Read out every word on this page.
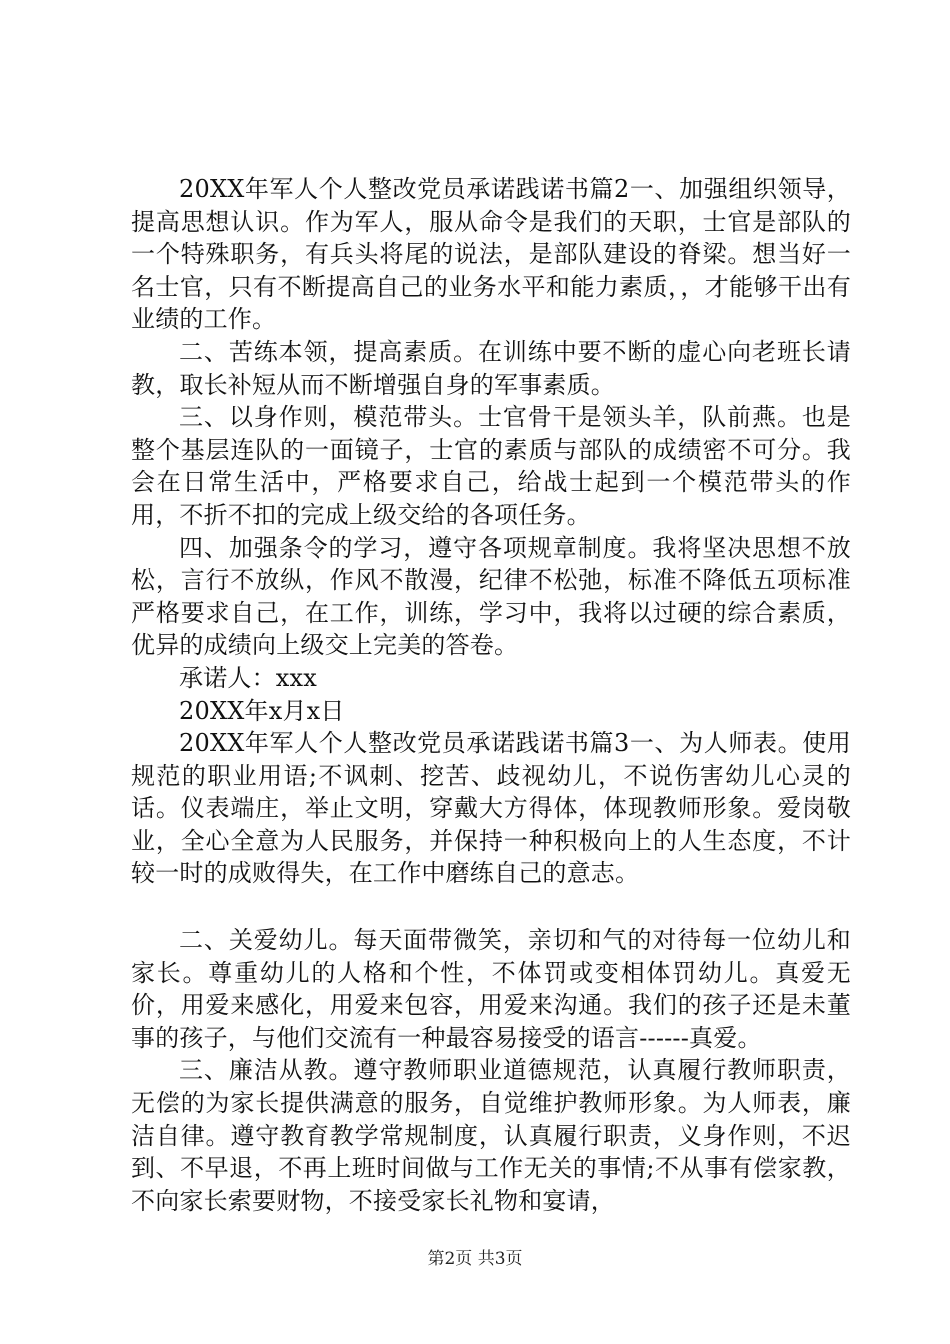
20XX年军人个人整改党员承诺践诺书篇2一、加强组织领导，提高思想认识。作为军人，服从命令是我们的天职，士官是部队的一个特殊职务，有兵头将尾的说法，是部队建设的脊梁。想当好一名士官，只有不断提高自己的业务水平和能力素质，，才能够干出有业绩的工作。

二、苦练本领，提高素质。在训练中要不断的虚心向老班长请教，取长补短从而不断增强自身的军事素质。

三、以身作则，模范带头。士官骨干是领头羊，队前燕。也是整个基层连队的一面镜子，士官的素质与部队的成绩密不可分。我会在日常生活中，严格要求自己，给战士起到一个模范带头的作用，不折不扣的完成上级交给的各项任务。

四、加强条令的学习，遵守各项规章制度。我将坚决思想不放松，言行不放纵，作风不散漫，纪律不松弛，标准不降低五项标准严格要求自己，在工作，训练，学习中，我将以过硬的综合素质，优异的成绩向上级交上完美的答卷。

承诺人：xxx

20XX年x月x日

20XX年军人个人整改党员承诺践诺书篇3一、为人师表。使用规范的职业用语;不讽刺、挖苦、歧视幼儿，不说伤害幼儿心灵的话。仪表端庄，举止文明，穿戴大方得体，体现教师形象。爱岗敬业，全心全意为人民服务，并保持一种积极向上的人生态度，不计较一时的成败得失，在工作中磨练自己的意志。

二、关爱幼儿。每天面带微笑，亲切和气的对待每一位幼儿和家长。尊重幼儿的人格和个性，不体罚或变相体罚幼儿。真爱无价，用爱来感化，用爱来包容，用爱来沟通。我们的孩子还是未董事的孩子，与他们交流有一种最容易接受的语言------真爱。

三、廉洁从教。遵守教师职业道德规范，认真履行教师职责，无偿的为家长提供满意的服务，自觉维护教师形象。为人师表，廉洁自律。遵守教育教学常规制度，认真履行职责，义身作则，不迟到、不早退，不再上班时间做与工作无关的事情;不从事有偿家教，不向家长索要财物，不接受家长礼物和宴请，

第2页 共3页
